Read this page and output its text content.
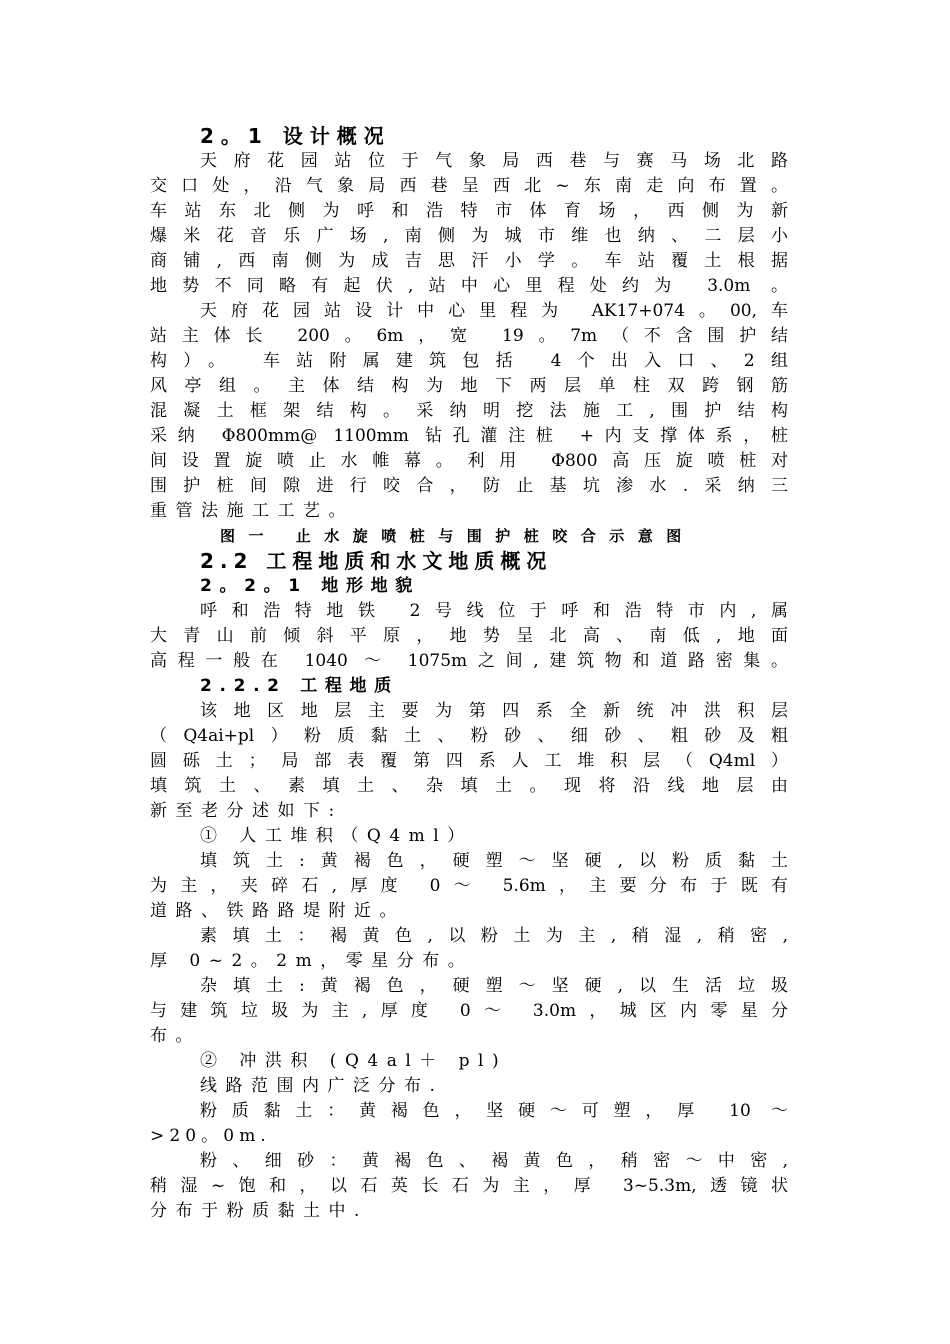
2。1 设计概况
天府花园站位于气象局西巷与赛马场北路
交口处，沿气象局西巷呈西北~东南走向布置。
车站东北侧为呼和浩特市体育场，西侧为新
爆米花音乐广场,南侧为城市维也纳、二层小
商铺,西南侧为成吉思汗小学。车站覆土根据
地势不同略有起伏,站中心里程处约为 3.0m 。
天府花园站设计中心里程为 AK17+074。00,车
站主体长 200。6m，宽 19。7m（不含围护结
构）。 车站附属建筑包括 4个出入口、2组
风亭组。主体结构为地下两层单柱双跨钢筋
混凝土框架结构。采纳明挖法施工,围护结构
采纳 Φ800mm@ 1100mm 钻孔灌注桩 +内支撑体系，桩
间设置旋喷止水帷幕。利用 Φ800高压旋喷桩对
围护桩间隙进行咬合，防止基坑渗水.采纳三
重管法施工工艺。
图一 止水旋喷桩与围护桩咬合示意图
2.2 工程地质和水文地质概况
2。2。1 地形地貌
呼和浩特地铁 2号线位于呼和浩特市内,属
大青山前倾斜平原，地势呈北高、南低,地面
高程一般在 1040 ～ 1075m之间,建筑物和道路密集。
2.2.2 工程地质
该地区地层主要为第四系全新统冲洪积层
（Q4ai+pl）粉质黏土、粉砂、细砂、粗砂及粗
圆砾土；局部表覆第四系人工堆积层（Q4ml）
填筑土、素填土、杂填土。现将沿线地层由
新至老分述如下:
① 人工堆积（Q4ml）
填筑土:黄褐色，硬塑～坚硬,以粉质黏土
为主，夹碎石,厚度 0～ 5.6m，主要分布于既有
道路、铁路路堤附近。
素填土：褐黄色,以粉土为主,稍湿,稍密,
厚 0~2。2m，零星分布。
杂填土:黄褐色，硬塑～坚硬,以生活垃圾
与建筑垃圾为主,厚度 0～ 3.0m，城区内零星分
布。
② 冲洪积 (Q4al＋ pl)
线路范围内广泛分布.
粉质黏土：黄褐色，坚硬～可塑，厚 10 ～
>20。0m.
粉、细砂：黄褐色、褐黄色，稍密～中密,
稍湿~饱和，以石英长石为主，厚 3~5.3m,透镜状
分布于粉质黏土中.
